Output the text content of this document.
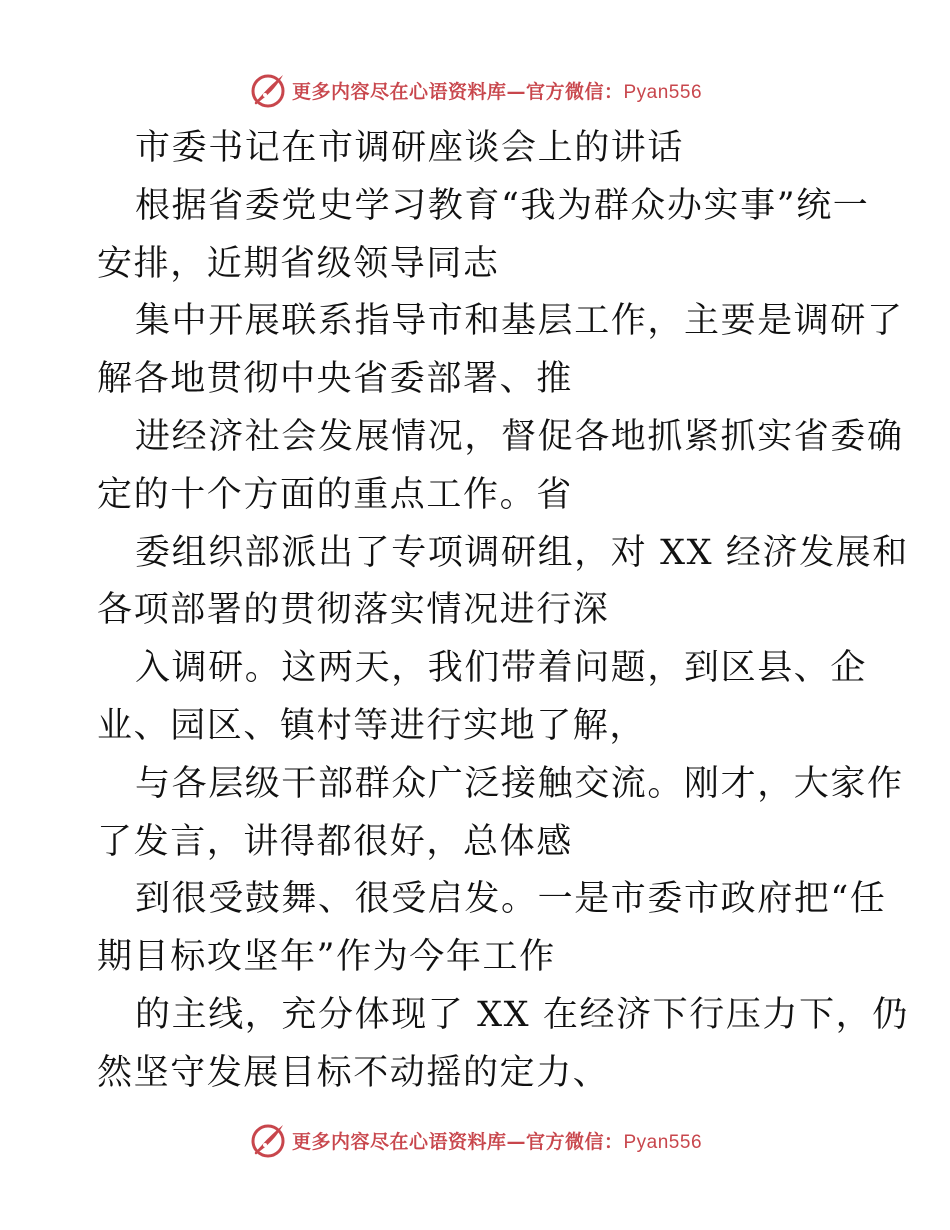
更多内容尽在心语资料库—官方微信：Pyan556
市委书记在市调研座谈会上的讲话
根据省委党史学习教育“我为群众办实事”统一
安排，近期省级领导同志
集中开展联系指导市和基层工作，主要是调研了
解各地贯彻中央省委部署、推
进经济社会发展情况，督促各地抓紧抓实省委确
定的十个方面的重点工作。省
委组织部派出了专项调研组，对 XX 经济发展和
各项部署的贯彻落实情况进行深
入调研。这两天，我们带着问题，到区县、企
业、园区、镇村等进行实地了解，
与各层级干部群众广泛接触交流。刚才，大家作
了发言，讲得都很好，总体感
到很受鼓舞、很受启发。一是市委市政府把“任
期目标攻坚年”作为今年工作
的主线，充分体现了 XX 在经济下行压力下，仍
然坚守发展目标不动摇的定力、
更多内容尽在心语资料库—官方微信：Pyan556
